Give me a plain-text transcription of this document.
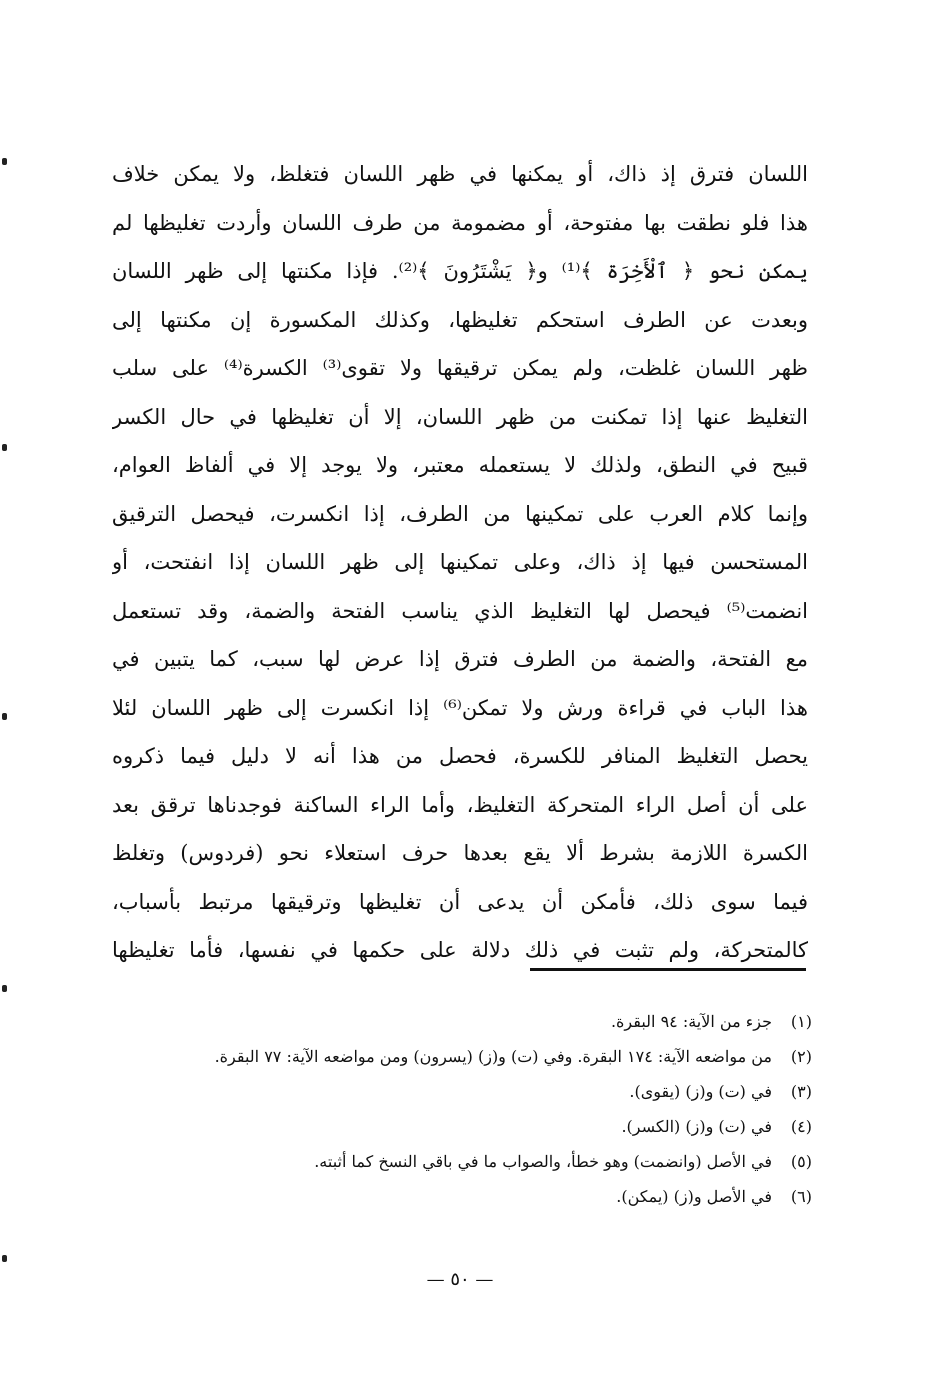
اللسان فترق إذ ذاك، أو يمكنها في ظهر اللسان فتغلظ، ولا يمكن خلاف
هذا فلو نطقت بها مفتوحة، أو مضمومة من طرف اللسان وأردت تغليظها لم
يمكن نحو ﴿ ٱلْأَخِرَة ﴾⁽¹⁾ و﴿ يَشْتَرُونَ ﴾⁽²⁾. فإذا مكنتها إلى ظهر اللسان
وبعدت عن الطرف استحكم تغليظها، وكذلك المكسورة إن مكنتها إلى
ظهر اللسان غلظت، ولم يمكن ترقيقها ولا تقوى⁽³⁾ الكسرة⁽⁴⁾ على سلب
التغليظ عنها إذا تمكنت من ظهر اللسان، إلا أن تغليظها في حال الكسر
قبيح في النطق، ولذلك لا يستعمله معتبر، ولا يوجد إلا في ألفاظ العوام،
وإنما كلام العرب على تمكينها من الطرف، إذا انكسرت، فيحصل الترقيق
المستحسن فيها إذ ذاك، وعلى تمكينها إلى ظهر اللسان إذا انفتحت، أو
انضمت⁽⁵⁾ فيحصل لها التغليظ الذي يناسب الفتحة والضمة، وقد تستعمل
مع الفتحة، والضمة من الطرف فترق إذا عرض لها سبب، كما يتبين في
هذا الباب في قراءة ورش ولا تمكن⁽⁶⁾ إذا انكسرت إلى ظهر اللسان لئلا
يحصل التغليظ المنافر للكسرة، فحصل من هذا أنه لا دليل فيما ذكروه
على أن أصل الراء المتحركة التغليظ، وأما الراء الساكنة فوجدناها ترقق بعد
الكسرة اللازمة بشرط ألا يقع بعدها حرف استعلاء نحو (فردوس) وتغلظ
فيما سوى ذلك، فأمكن أن يدعى أن تغليظها وترقيقها مرتبط بأسباب،
كالمتحركة، ولم تثبت في ذلك دلالة على حكمها في نفسها، فأما تغليظها
(١)
جزء من الآية: ٩٤ البقرة.
(٢)
من مواضعه الآية: ١٧٤ البقرة. وفي (ت) و(ز) (يسرون) ومن مواضعه الآية: ٧٧ البقرة.
(٣)
في (ت) و(ز) (يقوى).
(٤)
في (ت) و(ز) (الكسر).
(٥)
في الأصل (وانضمت) وهو خطأ، والصواب ما في باقي النسخ كما أثبته.
(٦)
في الأصل و(ز) (يمكن).
— ٥٠ —
